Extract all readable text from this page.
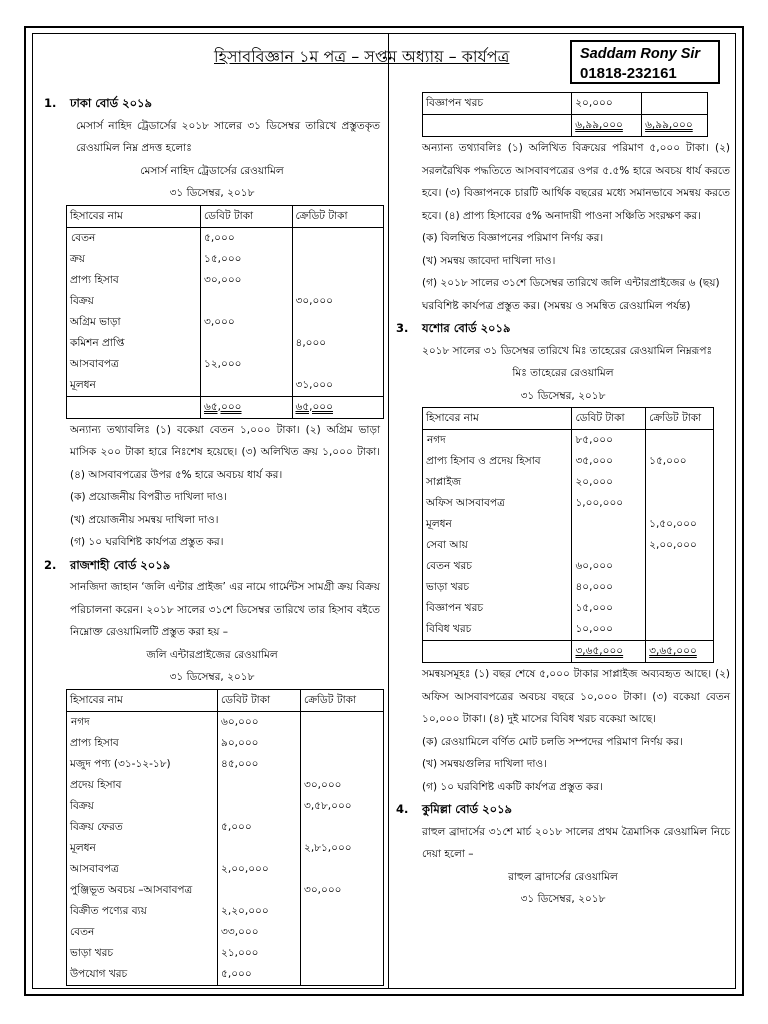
হিসাববিজ্ঞান ১ম পত্র – সপ্তম অধ্যায় – কার্যপত্র	Saddam Rony Sir
01818-232161

1. ঢাকা বোর্ড ২০১৯

মেসার্স নাহিদ ট্রেডার্সের ২০১৮ সালের ৩১ ডিসেম্বর তারিখে প্রস্তুতকৃত রেওয়ামিল নিম্ন প্রদত্ত হলোঃ

মেসার্স নাহিদ ট্রেডার্সের রেওয়ামিল

৩১ ডিসেম্বর, ২০১৮

হিসাবের নাম	ডেবিট টাকা	ক্রেডিট টাকা
বেতন	৫,০০০	
ক্রয়	১৫,০০০	
প্রাপ্য হিসাব	৩০,০০০	
বিক্রয়		৩০,০০০
অগ্রিম ভাড়া	৩,০০০	
কমিশন প্রাপ্তি		৪,০০০
আসবাবপত্র	১২,০০০	
মূলধন		৩১,০০০
	৬৫,০০০	৬৫,০০০

অন্যান্য তথ্যাবলিঃ (১) বকেয়া বেতন ১,০০০ টাকা। (২) অগ্রিম ভাড়া মাসিক ২০০ টাকা হারে নিঃশেষ হয়েছে। (৩) অলিখিত ক্রয় ১,০০০ টাকা। (৪) আসবাবপত্রের উপর ৫% হারে অবচয় ধার্য কর।

(ক) প্রয়োজনীয় বিপরীত দাখিলা দাও।

(খ) প্রয়োজনীয় সমন্বয় দাখিলা দাও।

(গ) ১০ ঘরবিশিষ্ট কার্যপত্র প্রস্তুত কর।

2. রাজশাহী বোর্ড ২০১৯

সানজিদা জাহান ‘জলি এন্টার প্রাইজ’ এর নামে গার্মেন্টস সামগ্রী ক্রয় বিক্রয় পরিচালনা করেন। ২০১৮ সালের ৩১শে ডিসেম্বর তারিখে তার হিসাব বইতে নিম্নোক্ত রেওয়ামিলটি প্রস্তুত করা হয় –

জলি এন্টারপ্রাইজের রেওয়ামিল

৩১ ডিসেম্বর, ২০১৮

হিসাবের নাম	ডেবিট টাকা	ক্রেডিট টাকা
নগদ	৬০,০০০	
প্রাপ্য হিসাব	৯০,০০০	
মজুদ পণ্য (৩১-১২-১৮)	৪৫,০০০	
প্রদেয় হিসাব		৩০,০০০
বিক্রয়		৩,৫৮,০০০
বিক্রয় ফেরত	৫,০০০	
মূলধন		২,৮১,০০০
আসবাবপত্র	২,০০,০০০	
পুঞ্জিভূত অবচয় –আসবাবপত্র		৩০,০০০
বিক্রীত পণ্যের ব্যয়	২,২০,০০০	
বেতন	৩৩,০০০	
ভাড়া খরচ	২১,০০০	
উপযোগ খরচ	৫,০০০	
বিজ্ঞাপন খরচ	২০,০০০	
	৬,৯৯,০০০	৬,৯৯,০০০

অন্যান্য তথ্যাবলিঃ (১) অলিখিত বিক্রয়ের পরিমাণ ৫,০০০ টাকা। (২) সরলরৈখিক পদ্ধতিতে আসবাবপত্রের ওপর ৫.৫% হারে অবচয় ধার্য করতে হবে। (৩) বিজ্ঞাপনকে চারটি আর্থিক বছরের মধ্যে সমানভাবে সমন্বয় করতে হবে। (৪) প্রাপ্য হিসাবের ৫% অনাদায়ী পাওনা সঞ্চিতি সংরক্ষণ কর।

(ক) বিলম্বিত বিজ্ঞাপনের পরিমাণ নির্ণয় কর।

(খ) সমন্বয় জাবেদা দাখিলা দাও।

(গ) ২০১৮ সালের ৩১শে ডিসেম্বর তারিখে জলি এন্টারপ্রাইজের ৬ (ছয়) ঘরবিশিষ্ট কার্যপত্র প্রস্তুত কর। (সমন্বয় ও সমন্বিত রেওয়ামিল পর্যন্ত)

3. যশোর বোর্ড ২০১৯

২০১৮ সালের ৩১ ডিসেম্বর তারিখে মিঃ তাহেরের রেওয়ামিল নিম্নরূপঃ

মিঃ তাহেরের রেওয়ামিল

৩১ ডিসেম্বর, ২০১৮

হিসাবের নাম	ডেবিট টাকা	ক্রেডিট টাকা
নগদ	৮৫,০০০	
প্রাপ্য হিসাব ও প্রদেয় হিসাব	৩৫,০০০	১৫,০০০
সাপ্লাইজ	২০,০০০	
অফিস আসবাবপত্র	১,০০,০০০	
মূলধন		১,৫০,০০০
সেবা আয়		২,০০,০০০
বেতন খরচ	৬০,০০০	
ভাড়া খরচ	৪০,০০০	
বিজ্ঞাপন খরচ	১৫,০০০	
বিবিধ খরচ	১০,০০০	
	৩,৬৫,০০০	৩,৬৫,০০০

সমন্বয়সমূহঃ (১) বছর শেষে ৫,০০০ টাকার সাপ্লাইজ অব্যবহৃত আছে। (২) অফিস আসবাবপত্রের অবচয় বছরে ১০,০০০ টাকা। (৩) বকেয়া বেতন ১০,০০০ টাকা। (৪) দুই মাসের বিবিধ খরচ বকেয়া আছে।

(ক) রেওয়ামিলে বর্ণিত মোট চলতি সম্পদের পরিমাণ নির্ণয় কর।

(খ) সমন্বয়গুলির দাখিলা দাও।

(গ) ১০ ঘরবিশিষ্ট একটি কার্যপত্র প্রস্তুত কর।

4. কুমিল্লা বোর্ড ২০১৯

রাহুল ব্রাদার্সের ৩১শে মার্চ ২০১৮ সালের প্রথম ত্রৈমাসিক রেওয়ামিল নিচে দেয়া হলো –

রাহুল ব্রাদার্সের রেওয়ামিল

৩১ ডিসেম্বর, ২০১৮
